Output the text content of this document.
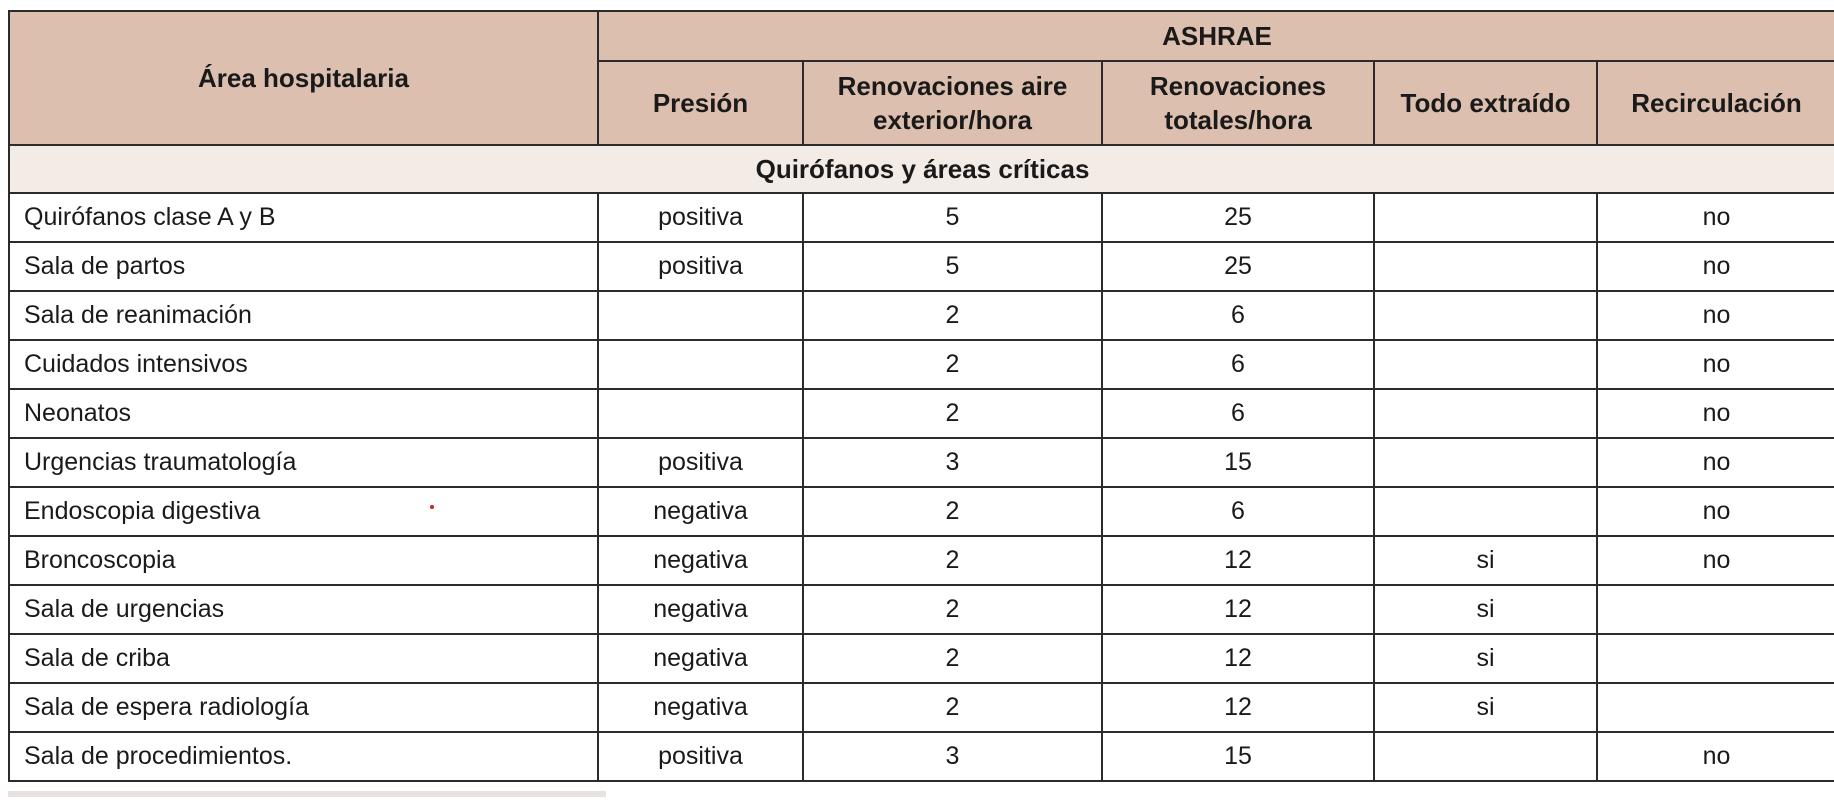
Área hospitalaria	ASHRAE				
	Presión	Renovaciones aire exterior/hora	Renovaciones totales/hora	Todo extraído	Recirculación
Quirófanos y áreas críticas					
Quirófanos clase A y B	positiva	5	25		no
Sala de partos	positiva	5	25		no
Sala de reanimación		2	6		no
Cuidados intensivos		2	6		no
Neonatos		2	6		no
Urgencias traumatología	positiva	3	15		no
Endoscopia digestiva	negativa	2	6		no
Broncoscopia	negativa	2	12	si	no
Sala de urgencias	negativa	2	12	si	
Sala de criba	negativa	2	12	si	
Sala de espera radiología	negativa	2	12	si	
Sala de procedimientos.	positiva	3	15		no
